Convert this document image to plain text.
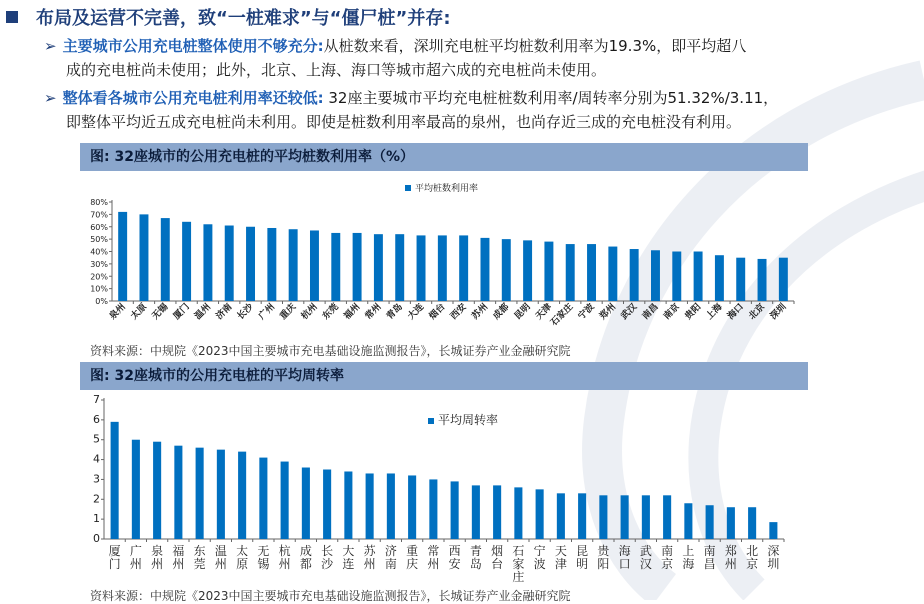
布局及运营不完善，致“一桩难求”与“僵尸桩”并存:
➢ 主要城市公用充电桩整体使用不够充分:从桩数来看，深圳充电桩平均桩数利用率为19.3%，即平均超八
成的充电桩尚未使用；此外，北京、上海、海口等城市超六成的充电桩尚未使用。
➢ 整体看各城市公用充电桩利用率还较低: 32座主要城市平均充电桩桩数利用率/周转率分别为51.32%/3.11，
即整体平均近五成充电桩尚未利用。即使是桩数利用率最高的泉州，也尚存近三成的充电桩没有利用。
图: 32座城市的公用充电桩的平均桩数利用率（%）
平均桩数利用率
0%
10%
20%
30%
40%
50%
60%
70%
80%
泉州 太原 无锡 厦门 温州 济南 长沙 广州 重庆 杭州 东莞 福州 常州 青岛 大连 烟台 西安 苏州 成都 昆明 天津
石家庄 宁波 郑州 武汉 南昌 南京 贵阳 上海 海口 北京 深圳
资料来源：中规院《2023中国主要城市充电基础设施监测报告》，长城证券产业金融研究院
图: 32座城市的公用充电桩的平均周转率
平均周转率
0
1
2
3
4
5
6
7
厦门
广州
泉州
福州
东莞
温州
太原
无锡
杭州
成都
长沙
大连
苏州
济南
重庆
常州
西安
青岛
烟台
石家庄
宁波
天津
昆明
贵阳
海口
武汉
南京
上海
南昌
郑州
北京
深圳
资料来源：中规院《2023中国主要城市充电基础设施监测报告》，长城证券产业金融研究院
